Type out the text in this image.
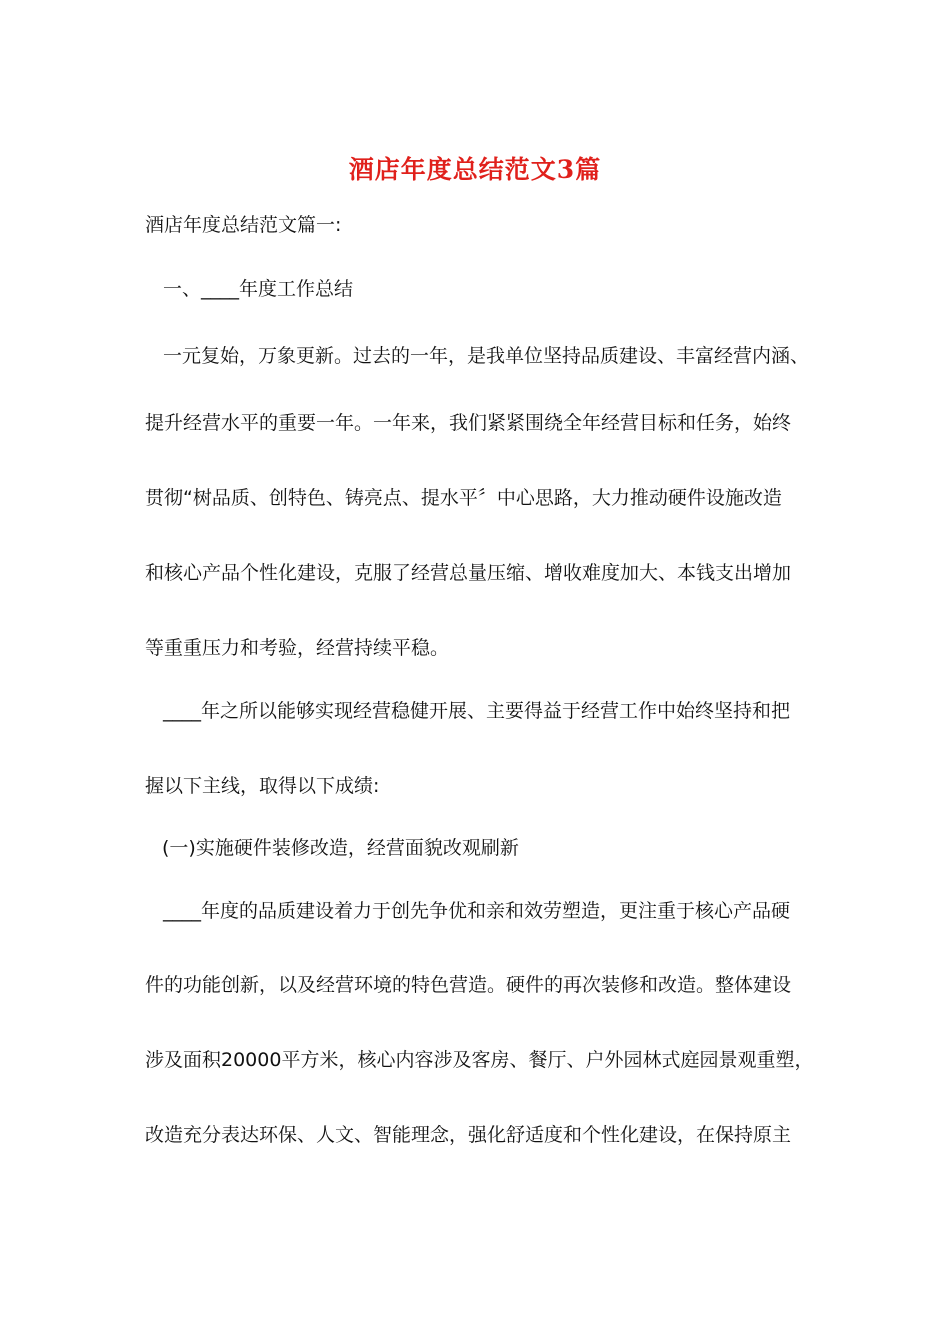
酒店年度总结范文3篇

酒店年度总结范文篇一:

一、____年度工作总结

一元复始，万象更新。过去的一年，是我单位坚持品质建设、丰富经营内涵、

提升经营水平的重要一年。一年来，我们紧紧围绕全年经营目标和任务，始终

贯彻“树品质、创特色、铸亮点、提水平〞中心思路，大力推动硬件设施改造

和核心产品个性化建设，克服了经营总量压缩、增收难度加大、本钱支出增加

等重重压力和考验，经营持续平稳。

____年之所以能够实现经营稳健开展、主要得益于经营工作中始终坚持和把

握以下主线，取得以下成绩:

(一)实施硬件装修改造，经营面貌改观刷新

____年度的品质建设着力于创先争优和亲和效劳塑造，更注重于核心产品硬

件的功能创新，以及经营环境的特色营造。硬件的再次装修和改造。整体建设

涉及面积20000平方米，核心内容涉及客房、餐厅、户外园林式庭园景观重塑，

改造充分表达环保、人文、智能理念，强化舒适度和个性化建设，在保持原主
